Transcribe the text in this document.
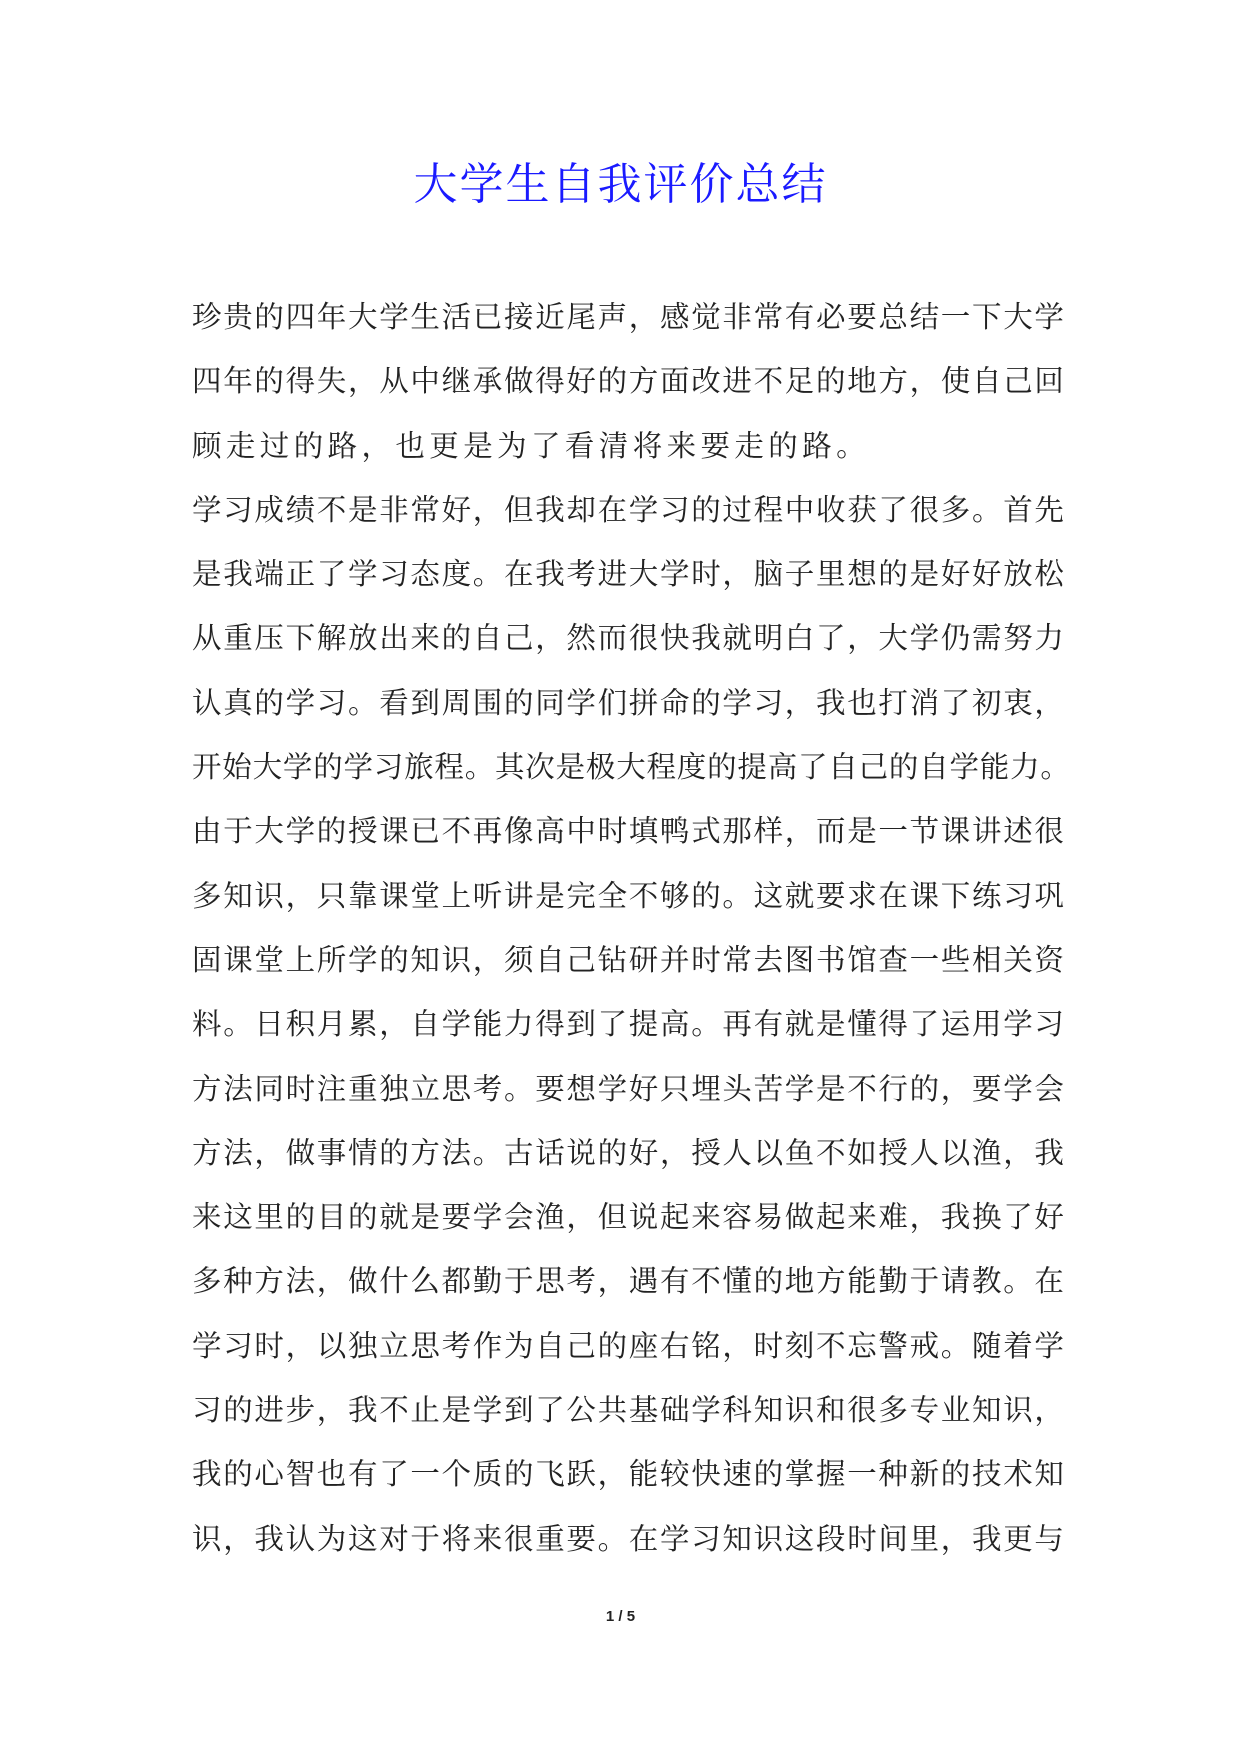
大学生自我评价总结
珍贵的四年大学生活已接近尾声，感觉非常有必要总结一下大学
四年的得失，从中继承做得好的方面改进不足的地方，使自己回
顾走过的路，也更是为了看清将来要走的路。
学习成绩不是非常好，但我却在学习的过程中收获了很多。首先
是我端正了学习态度。在我考进大学时，脑子里想的是好好放松
从重压下解放出来的自己，然而很快我就明白了，大学仍需努力
认真的学习。看到周围的同学们拼命的学习，我也打消了初衷，
开始大学的学习旅程。其次是极大程度的提高了自己的自学能力。
由于大学的授课已不再像高中时填鸭式那样，而是一节课讲述很
多知识，只靠课堂上听讲是完全不够的。这就要求在课下练习巩
固课堂上所学的知识，须自己钻研并时常去图书馆查一些相关资
料。日积月累，自学能力得到了提高。再有就是懂得了运用学习
方法同时注重独立思考。要想学好只埋头苦学是不行的，要学会
方法，做事情的方法。古话说的好，授人以鱼不如授人以渔，我
来这里的目的就是要学会渔，但说起来容易做起来难，我换了好
多种方法，做什么都勤于思考，遇有不懂的地方能勤于请教。在
学习时，以独立思考作为自己的座右铭，时刻不忘警戒。随着学
习的进步，我不止是学到了公共基础学科知识和很多专业知识，
我的心智也有了一个质的飞跃，能较快速的掌握一种新的技术知
识，我认为这对于将来很重要。在学习知识这段时间里，我更与
1 / 5
